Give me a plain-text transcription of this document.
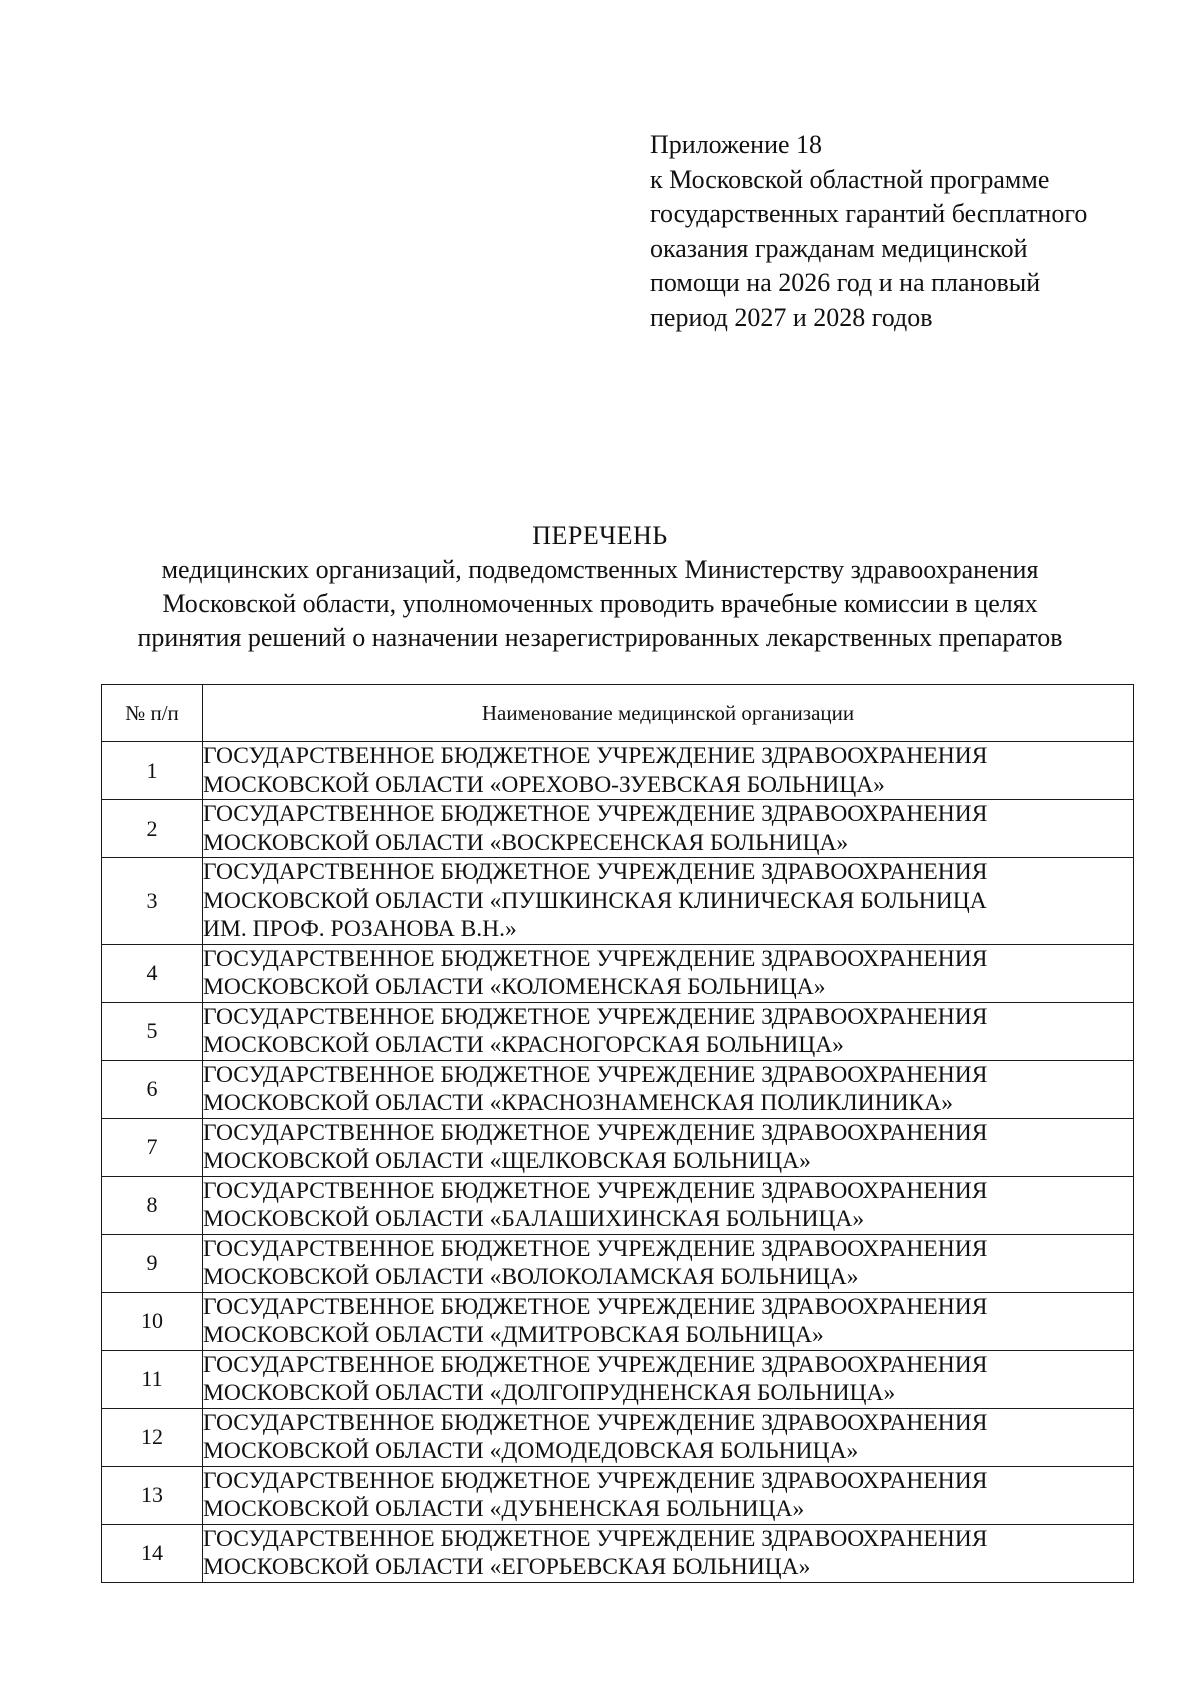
Приложение 18
к Московской областной программе
государственных гарантий бесплатного
оказания гражданам медицинской
помощи на 2026 год и на плановый
период 2027 и 2028 годов
ПЕРЕЧЕНЬ
медицинских организаций, подведомственных Министерству здравоохранения
Московской области, уполномоченных проводить врачебные комиссии в целях
принятия решений о назначении незарегистрированных лекарственных препаратов
№ п/п	Наименование медицинской организации
1	ГОСУДАРСТВЕННОЕ БЮДЖЕТНОЕ УЧРЕЖДЕНИЕ ЗДРАВООХРАНЕНИЯ
МОСКОВСКОЙ ОБЛАСТИ «ОРЕХОВО-ЗУЕВСКАЯ БОЛЬНИЦА»

2	ГОСУДАРСТВЕННОЕ БЮДЖЕТНОЕ УЧРЕЖДЕНИЕ ЗДРАВООХРАНЕНИЯ
МОСКОВСКОЙ ОБЛАСТИ «ВОСКРЕСЕНСКАЯ БОЛЬНИЦА»

3	ГОСУДАРСТВЕННОЕ БЮДЖЕТНОЕ УЧРЕЖДЕНИЕ ЗДРАВООХРАНЕНИЯ
МОСКОВСКОЙ ОБЛАСТИ «ПУШКИНСКАЯ КЛИНИЧЕСКАЯ БОЛЬНИЦА
ИМ. ПРОФ. РОЗАНОВА В.Н.»

4	ГОСУДАРСТВЕННОЕ БЮДЖЕТНОЕ УЧРЕЖДЕНИЕ ЗДРАВООХРАНЕНИЯ
МОСКОВСКОЙ ОБЛАСТИ «КОЛОМЕНСКАЯ БОЛЬНИЦА»

5	ГОСУДАРСТВЕННОЕ БЮДЖЕТНОЕ УЧРЕЖДЕНИЕ ЗДРАВООХРАНЕНИЯ
МОСКОВСКОЙ ОБЛАСТИ «КРАСНОГОРСКАЯ БОЛЬНИЦА»

6	ГОСУДАРСТВЕННОЕ БЮДЖЕТНОЕ УЧРЕЖДЕНИЕ ЗДРАВООХРАНЕНИЯ
МОСКОВСКОЙ ОБЛАСТИ «КРАСНОЗНАМЕНСКАЯ ПОЛИКЛИНИКА»

7	ГОСУДАРСТВЕННОЕ БЮДЖЕТНОЕ УЧРЕЖДЕНИЕ ЗДРАВООХРАНЕНИЯ
МОСКОВСКОЙ ОБЛАСТИ «ЩЕЛКОВСКАЯ БОЛЬНИЦА»

8	ГОСУДАРСТВЕННОЕ БЮДЖЕТНОЕ УЧРЕЖДЕНИЕ ЗДРАВООХРАНЕНИЯ
МОСКОВСКОЙ ОБЛАСТИ «БАЛАШИХИНСКАЯ БОЛЬНИЦА»

9	ГОСУДАРСТВЕННОЕ БЮДЖЕТНОЕ УЧРЕЖДЕНИЕ ЗДРАВООХРАНЕНИЯ
МОСКОВСКОЙ ОБЛАСТИ «ВОЛОКОЛАМСКАЯ БОЛЬНИЦА»

10	ГОСУДАРСТВЕННОЕ БЮДЖЕТНОЕ УЧРЕЖДЕНИЕ ЗДРАВООХРАНЕНИЯ
МОСКОВСКОЙ ОБЛАСТИ «ДМИТРОВСКАЯ БОЛЬНИЦА»

11	ГОСУДАРСТВЕННОЕ БЮДЖЕТНОЕ УЧРЕЖДЕНИЕ ЗДРАВООХРАНЕНИЯ
МОСКОВСКОЙ ОБЛАСТИ «ДОЛГОПРУДНЕНСКАЯ БОЛЬНИЦА»

12	ГОСУДАРСТВЕННОЕ БЮДЖЕТНОЕ УЧРЕЖДЕНИЕ ЗДРАВООХРАНЕНИЯ
МОСКОВСКОЙ ОБЛАСТИ «ДОМОДЕДОВСКАЯ БОЛЬНИЦА»

13	ГОСУДАРСТВЕННОЕ БЮДЖЕТНОЕ УЧРЕЖДЕНИЕ ЗДРАВООХРАНЕНИЯ
МОСКОВСКОЙ ОБЛАСТИ «ДУБНЕНСКАЯ БОЛЬНИЦА»

14	ГОСУДАРСТВЕННОЕ БЮДЖЕТНОЕ УЧРЕЖДЕНИЕ ЗДРАВООХРАНЕНИЯ
МОСКОВСКОЙ ОБЛАСТИ «ЕГОРЬЕВСКАЯ БОЛЬНИЦА»
